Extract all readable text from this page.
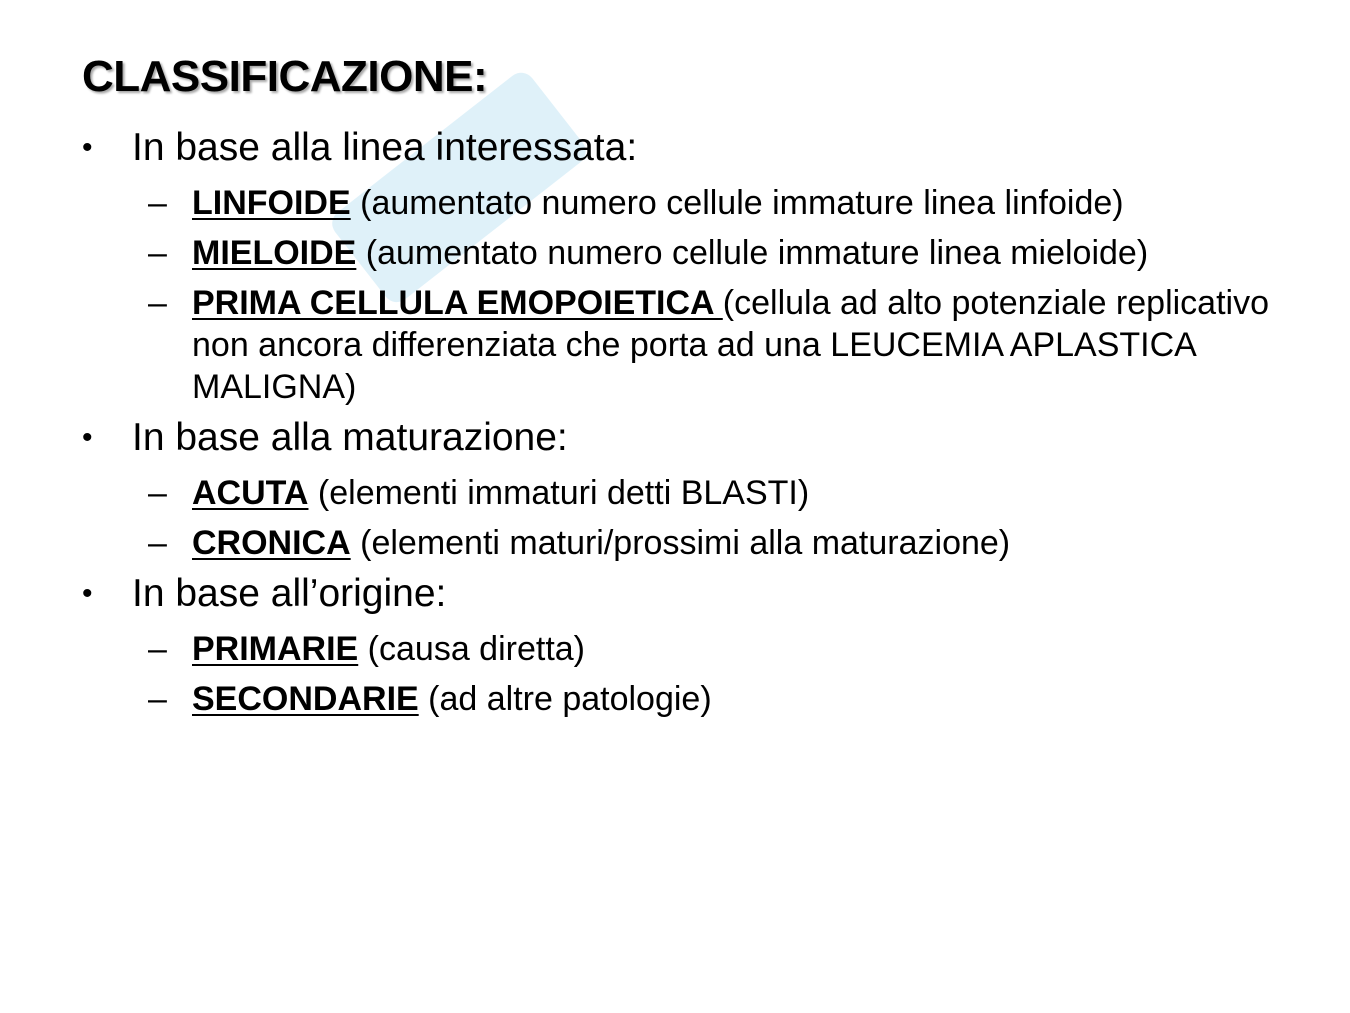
CLASSIFICAZIONE:
•	In base alla linea interessata:
– LINFOIDE (aumentato numero cellule immature linea linfoide)
– MIELOIDE (aumentato numero cellule immature linea mieloide)
– PRIMA CELLULA EMOPOIETICA (cellula ad alto potenziale replicativo non ancora differenziata che porta ad una LEUCEMIA APLASTICA MALIGNA)
•	In base alla maturazione:
– ACUTA (elementi immaturi detti BLASTI)
– CRONICA (elementi maturi/prossimi alla maturazione)
•	In base all’origine:
– PRIMARIE (causa diretta)
– SECONDARIE (ad altre patologie)
